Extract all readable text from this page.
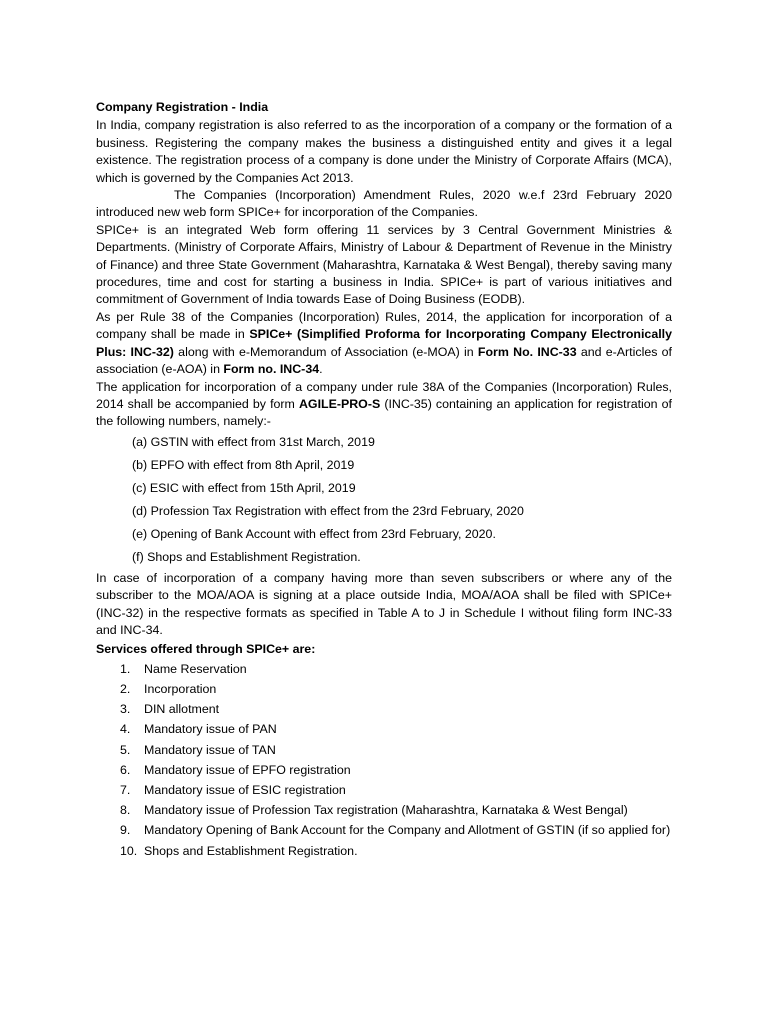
Company Registration - India

In India, company registration is also referred to as the incorporation of a company or the formation of a business. Registering the company makes the business a distinguished entity and gives it a legal existence. The registration process of a company is done under the Ministry of Corporate Affairs (MCA), which is governed by the Companies Act 2013.

The Companies (Incorporation) Amendment Rules, 2020 w.e.f 23rd February 2020 introduced new web form SPICe+ for incorporation of the Companies.

SPICe+ is an integrated Web form offering 11 services by 3 Central Government Ministries & Departments. (Ministry of Corporate Affairs, Ministry of Labour & Department of Revenue in the Ministry of Finance) and three State Government (Maharashtra, Karnataka & West Bengal), thereby saving many procedures, time and cost for starting a business in India. SPICe+ is part of various initiatives and commitment of Government of India towards Ease of Doing Business (EODB).

As per Rule 38 of the Companies (Incorporation) Rules, 2014, the application for incorporation of a company shall be made in SPICe+ (Simplified Proforma for Incorporating Company Electronically Plus: INC-32) along with e-Memorandum of Association (e-MOA) in Form No. INC-33 and e-Articles of association (e-AOA) in Form no. INC-34.

The application for incorporation of a company under rule 38A of the Companies (Incorporation) Rules, 2014 shall be accompanied by form AGILE-PRO-S (INC-35) containing an application for registration of the following numbers, namely:-

(a) GSTIN with effect from 31st March, 2019
(b) EPFO with effect from 8th April, 2019
(c) ESIC with effect from 15th April, 2019
(d) Profession Tax Registration with effect from the 23rd February, 2020
(e) Opening of Bank Account with effect from 23rd February, 2020.
(f) Shops and Establishment Registration.

In case of incorporation of a company having more than seven subscribers or where any of the subscriber to the MOA/AOA is signing at a place outside India, MOA/AOA shall be filed with SPICe+ (INC-32) in the respective formats as specified in Table A to J in Schedule I without filing form INC-33 and INC-34.

Services offered through SPICe+ are:

1. Name Reservation
2. Incorporation
3. DIN allotment
4. Mandatory issue of PAN
5. Mandatory issue of TAN
6. Mandatory issue of EPFO registration
7. Mandatory issue of ESIC registration
8. Mandatory issue of Profession Tax registration (Maharashtra, Karnataka & West Bengal)
9. Mandatory Opening of Bank Account for the Company and Allotment of GSTIN (if so applied for)
10. Shops and Establishment Registration.
